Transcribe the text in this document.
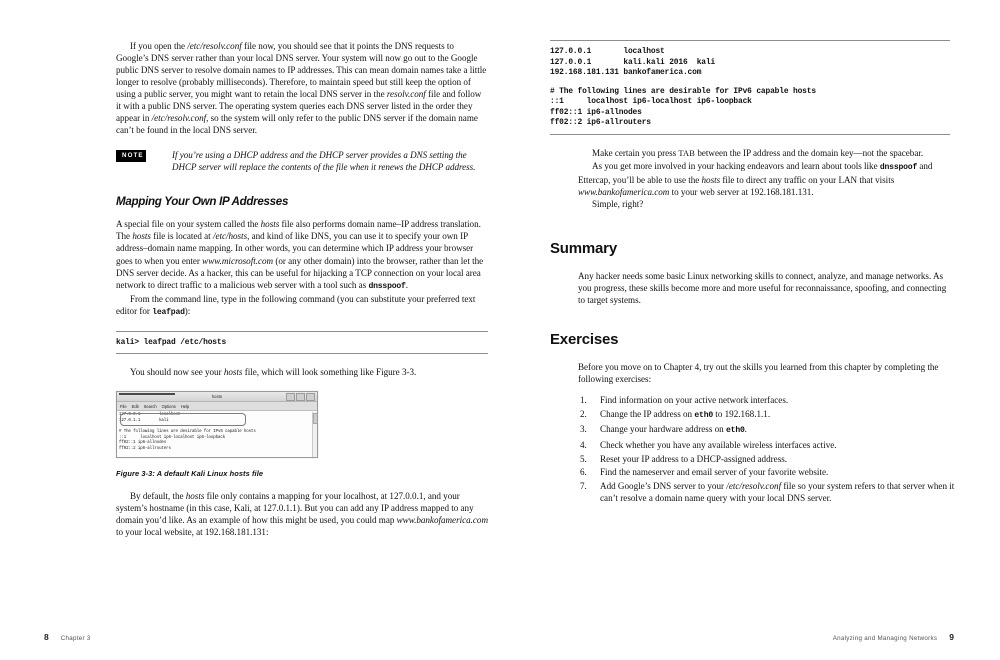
If you open the /etc/resolv.conf file now, you should see that it points the DNS requests to Google’s DNS server rather than your local DNS server. Your system will now go out to the Google public DNS server to resolve domain names to IP addresses. This can mean domain names take a little longer to resolve (probably milliseconds). Therefore, to maintain speed but still keep the option of using a public server, you might want to retain the local DNS server in the resolv.conf file and follow it with a public DNS server. The operating system queries each DNS server listed in the order they appear in /etc/resolv.conf, so the system will only refer to the public DNS server if the domain name can’t be found in the local DNS server.

NOTE	If you’re using a DHCP address and the DHCP server provides a DNS setting the DHCP server will replace the contents of the file when it renews the DHCP address.
Mapping Your Own IP Addresses

A special file on your system called the hosts file also performs domain name–IP address translation. The hosts file is located at /etc/hosts, and kind of like DNS, you can use it to specify your own IP address–domain name mapping. In other words, you can determine which IP address your browser goes to when you enter www.microsoft.com (or any other domain) into the browser, rather than let the DNS server decide. As a hacker, this can be useful for hijacking a TCP connection on your local area network to direct traffic to a malicious web server with a tool such as dnsspoof.

From the command line, type in the following command (you can substitute your preferred text editor for leafpad):

kali> leafpad /etc/hosts

You should now see your hosts file, which will look something like Figure 3-3.

hosts
File Edit Search Options Help
127.0.0.1        localhost
127.0.1.1        kali

# The following lines are desirable for IPv6 capable hosts
::1      localhost ip6-localhost ip6-loopback
ff02::1 ip6-allnodes
ff02::2 ip6-allrouters
Figure 3-3: A default Kali Linux hosts file

By default, the hosts file only contains a mapping for your localhost, at 127.0.0.1, and your system’s hostname (in this case, Kali, at 127.0.1.1). But you can add any IP address mapped to any domain you’d like. As an example of how this might be used, you could map www.bankofamerica.com to your local website, at 192.168.181.131:

8 Chapter 3
127.0.0.1       localhost
127.0.0.1       kali.kali 2016  kali
192.168.181.131 bankofamerica.com

# The following lines are desirable for IPv6 capable hosts
::1     localhost ip6-localhost ip6-loopback
ff02::1 ip6-allnodes
ff02::2 ip6-allrouters

Make certain you press TAB between the IP address and the domain key—not the spacebar.

As you get more involved in your hacking endeavors and learn about tools like dnsspoof and Ettercap, you’ll be able to use the hosts file to direct any traffic on your LAN that visits www.bankofamerica.com to your web server at 192.168.181.131.

Simple, right?

Summary

Any hacker needs some basic Linux networking skills to connect, analyze, and manage networks. As you progress, these skills become more and more useful for reconnaissance, spoofing, and connecting to target systems.

Exercises

Before you move on to Chapter 4, try out the skills you learned from this chapter by completing the following exercises:

1. Find information on your active network interfaces.
2. Change the IP address on eth0 to 192.168.1.1.
3. Change your hardware address on eth0.
4. Check whether you have any available wireless interfaces active.
5. Reset your IP address to a DHCP-assigned address.
6. Find the nameserver and email server of your favorite website.
7. Add Google’s DNS server to your /etc/resolv.conf file so your system refers to that server when it can’t resolve a domain name query with your local DNS server.
Analyzing and Managing Networks 9
